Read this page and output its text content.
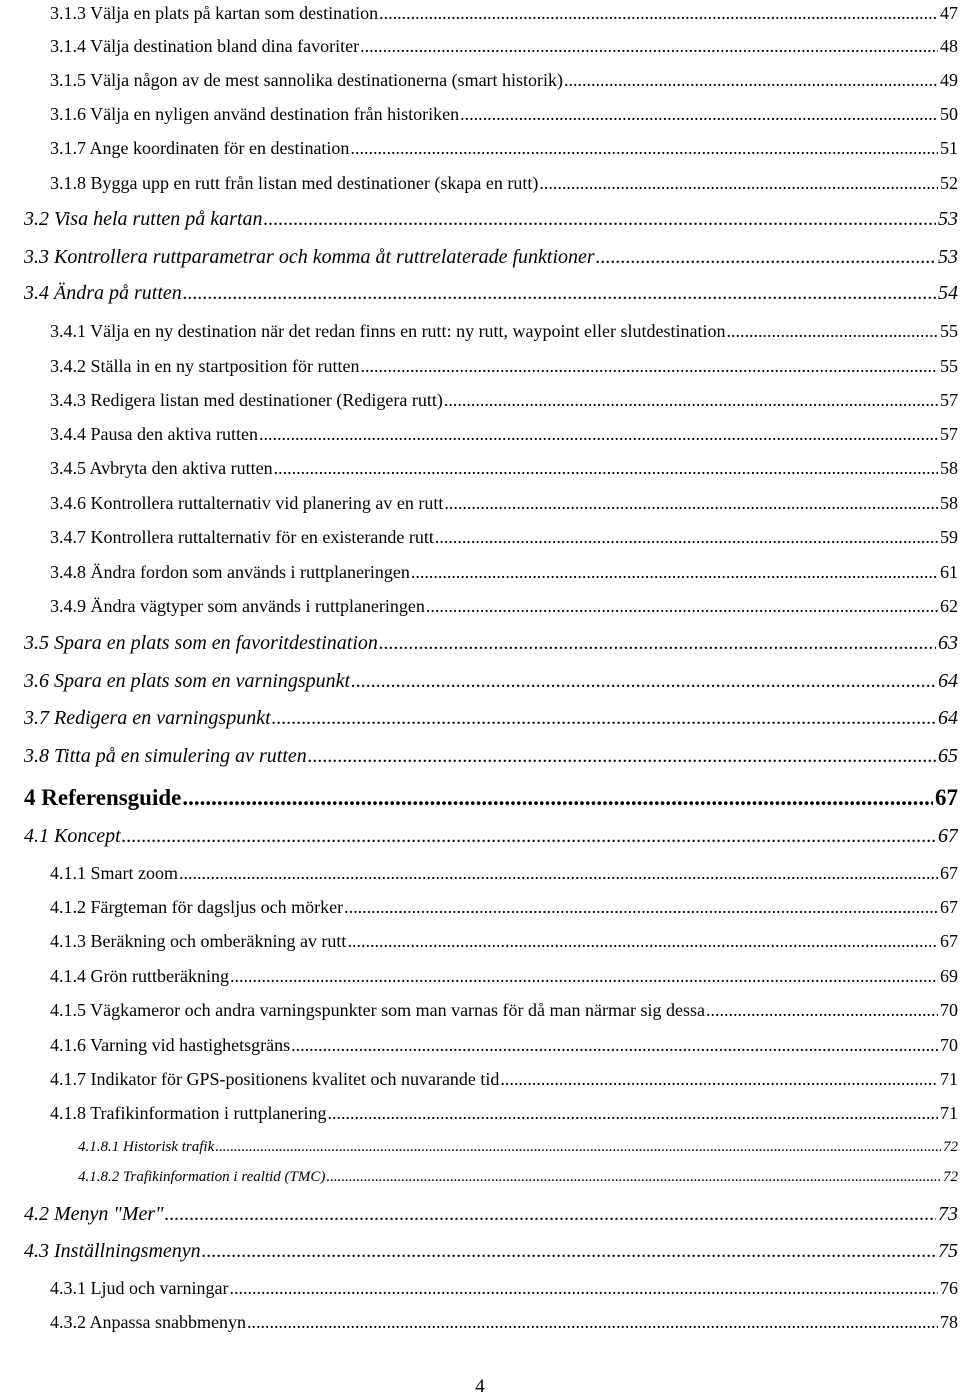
3.1.3 Välja en plats på kartan som destination .....	47
3.1.4 Välja destination bland dina favoriter .....	48
3.1.5 Välja någon av de mest sannolika destinationerna (smart historik) .....	49
3.1.6 Välja en nyligen använd destination från historiken .....	50
3.1.7 Ange koordinaten för en destination .....	51
3.1.8 Bygga upp en rutt från listan med destinationer (skapa en rutt) .....	52
3.2 Visa hela rutten på kartan .....	53
3.3 Kontrollera ruttparametrar och komma åt ruttrelaterade funktioner .....	53
3.4 Ändra på rutten .....	54
3.4.1 Välja en ny destination när det redan finns en rutt: ny rutt, waypoint eller slutdestination .....	55
3.4.2 Ställa in en ny startposition för rutten .....	55
3.4.3 Redigera listan med destinationer (Redigera rutt) .....	57
3.4.4 Pausa den aktiva rutten .....	57
3.4.5 Avbryta den aktiva rutten .....	58
3.4.6 Kontrollera ruttalternativ vid planering av en rutt .....	58
3.4.7 Kontrollera ruttalternativ för en existerande rutt .....	59
3.4.8 Ändra fordon som används i ruttplaneringen .....	61
3.4.9 Ändra vägtyper som används i ruttplaneringen .....	62
3.5 Spara en plats som en favoritdestination .....	63
3.6 Spara en plats som en varningspunkt .....	64
3.7 Redigera en varningspunkt .....	64
3.8 Titta på en simulering av rutten .....	65
4 Referensguide .....	67
4.1 Koncept .....	67
4.1.1 Smart zoom .....	67
4.1.2 Färgteman för dagsljus och mörker .....	67
4.1.3 Beräkning och omberäkning av rutt .....	67
4.1.4 Grön ruttberäkning .....	69
4.1.5 Vägkameror och andra varningspunkter som man varnas för då man närmar sig dessa .....	70
4.1.6 Varning vid hastighetsgräns .....	70
4.1.7 Indikator för GPS-positionens kvalitet och nuvarande tid .....	71
4.1.8 Trafikinformation i ruttplanering .....	71
4.1.8.1 Historisk trafik .....	72
4.1.8.2 Trafikinformation i realtid (TMC) .....	72
4.2 Menyn "Mer" .....	73
4.3 Inställningsmenyn .....	75
4.3.1 Ljud och varningar .....	76
4.3.2 Anpassa snabbmenyn .....	78
4
